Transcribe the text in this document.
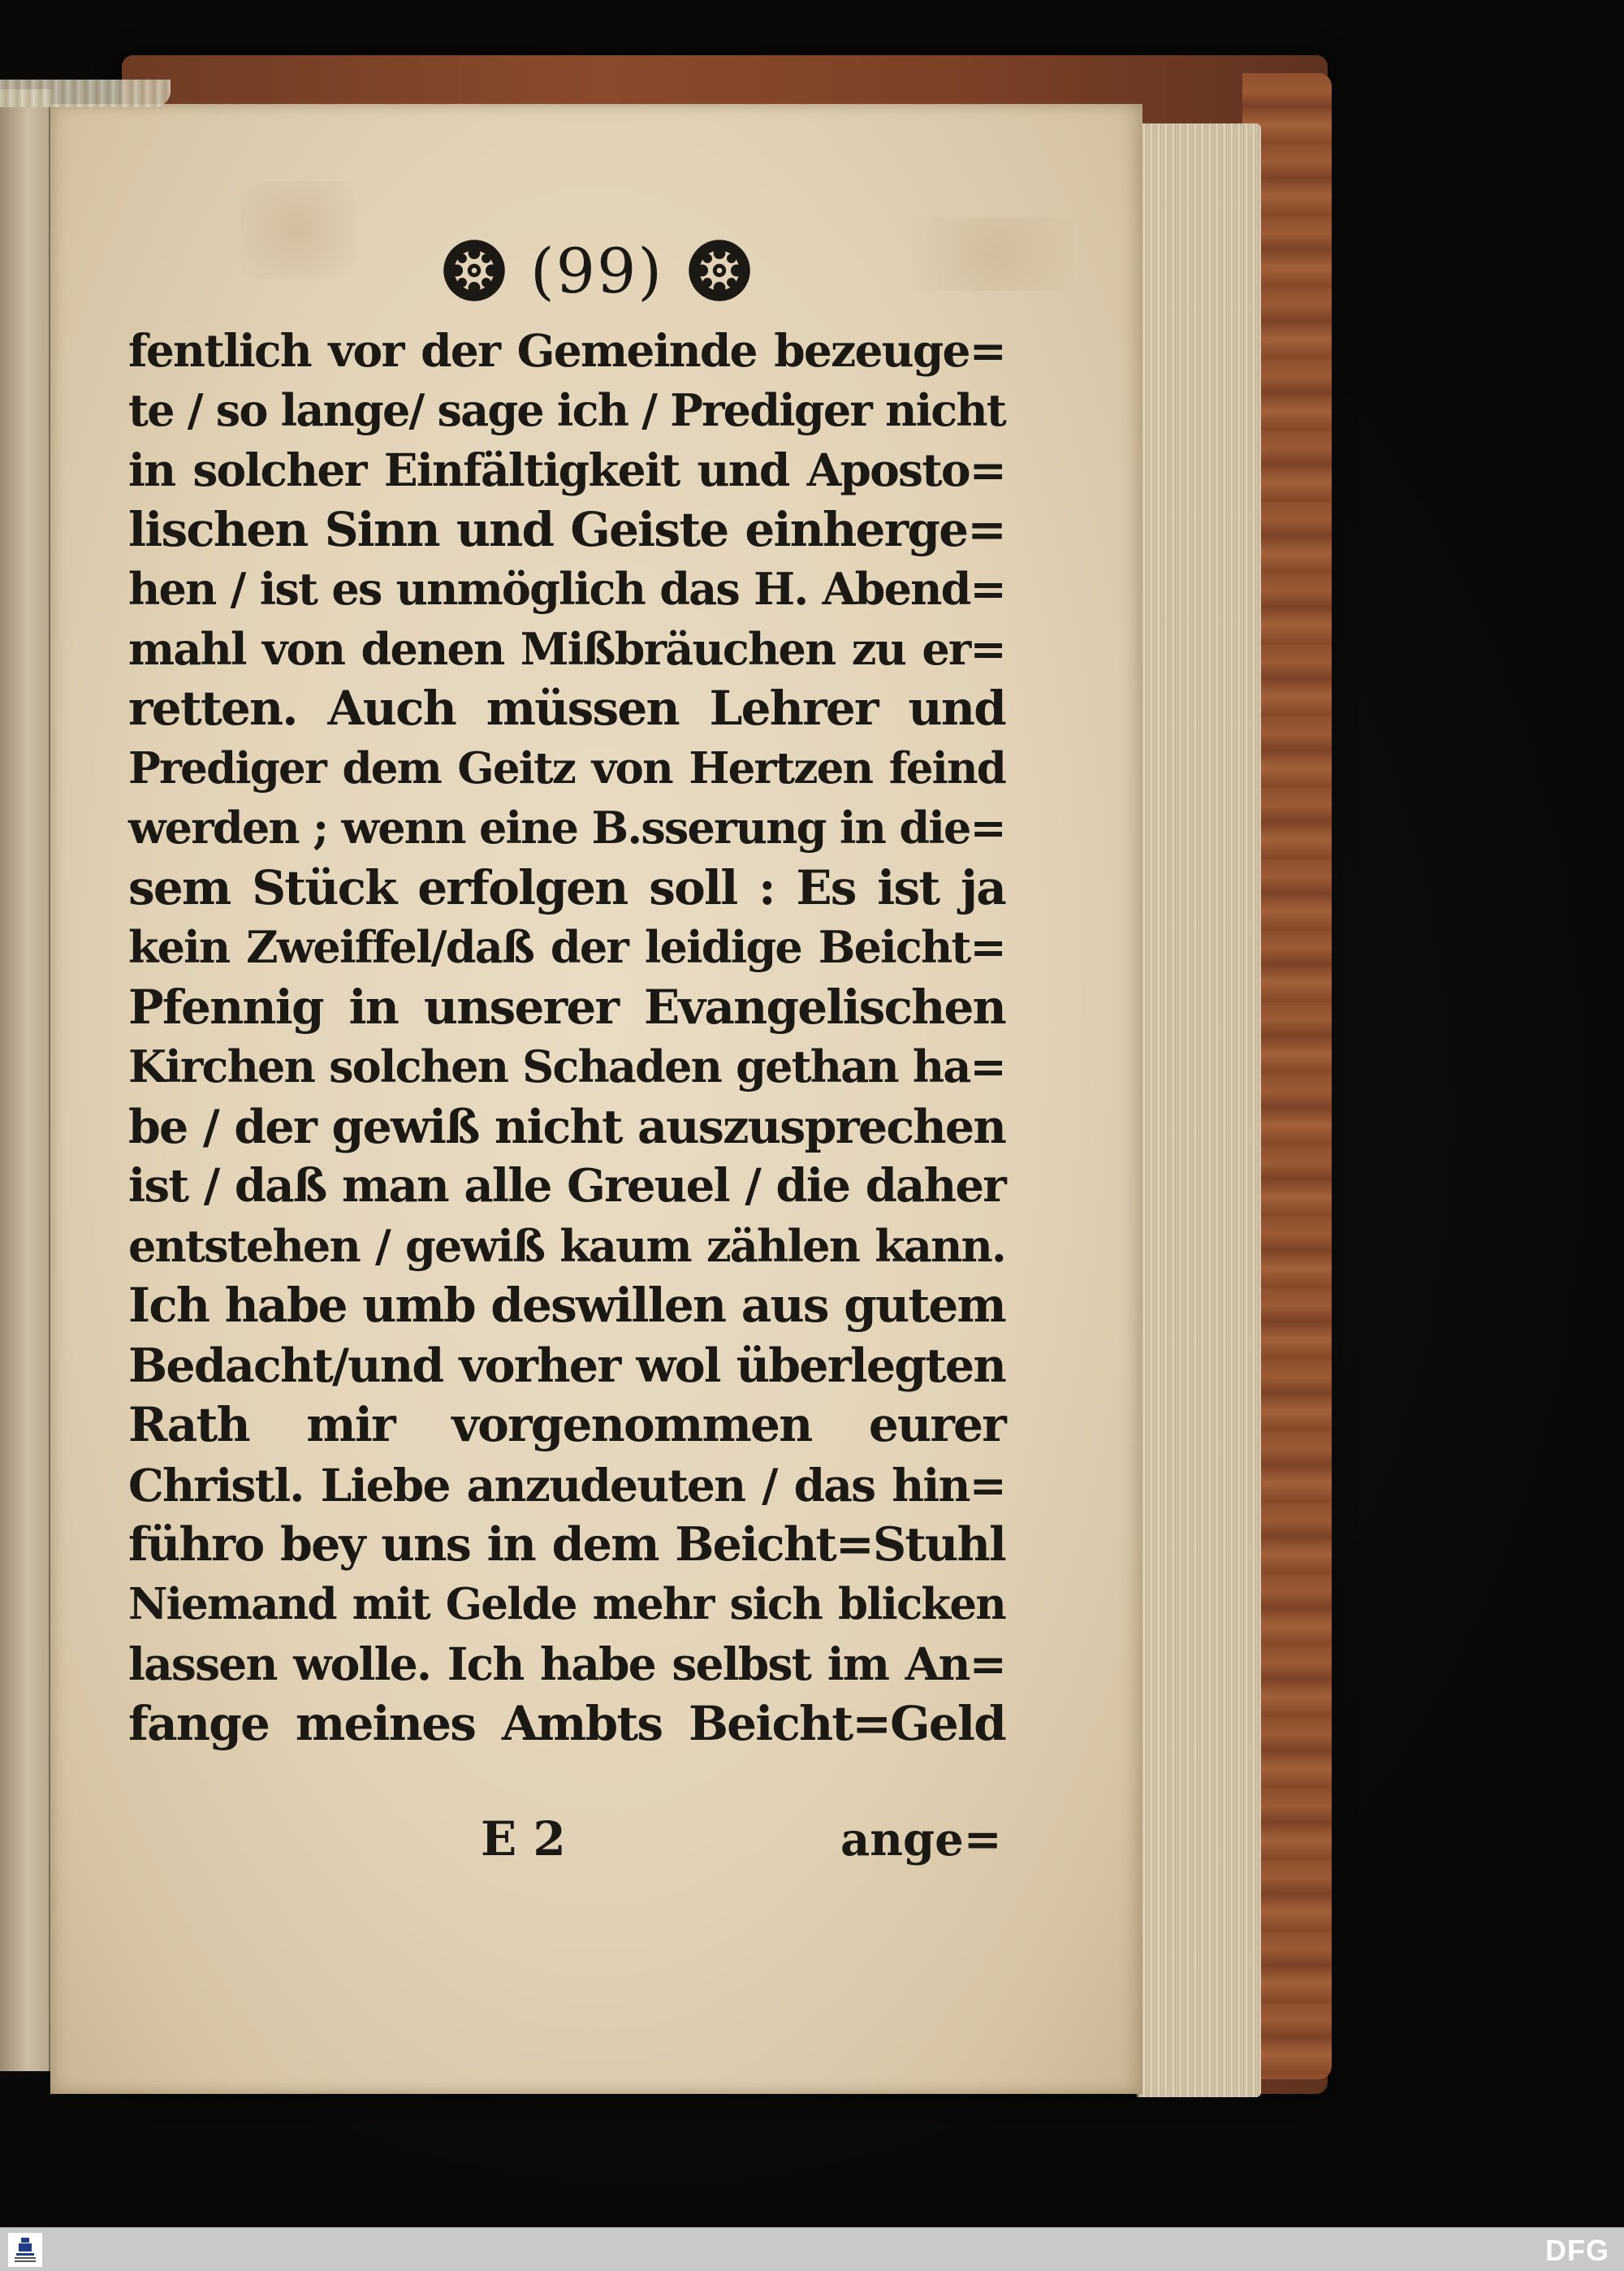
(99)
fentlich vor der Gemeinde bezeuge=
te / so lange/ sage ich / Prediger nicht
in solcher Einfältigkeit und Aposto=
lischen Sinn und Geiste einherge=
hen / ist es unmöglich das H. Abend=
mahl von denen Mißbräuchen zu er=
retten. Auch müssen Lehrer und
Prediger dem Geitz von Hertzen feind
werden ; wenn eine B.sserung in die=
sem Stück erfolgen soll : Es ist ja
kein Zweiffel/daß der leidige Beicht=
Pfennig in unserer Evangelischen
Kirchen solchen Schaden gethan ha=
be / der gewiß nicht auszusprechen
ist / daß man alle Greuel / die daher
entstehen / gewiß kaum zählen kann.
Ich habe umb deswillen aus gutem
Bedacht/und vorher wol überlegten
Rath mir vorgenommen eurer
Christl. Liebe anzudeuten / das hin=
führo bey uns in dem Beicht=Stuhl
Niemand mit Gelde mehr sich blicken
lassen wolle. Ich habe selbst im An=
fange meines Ambts Beicht=Geld
E 2	ange=
DFG
